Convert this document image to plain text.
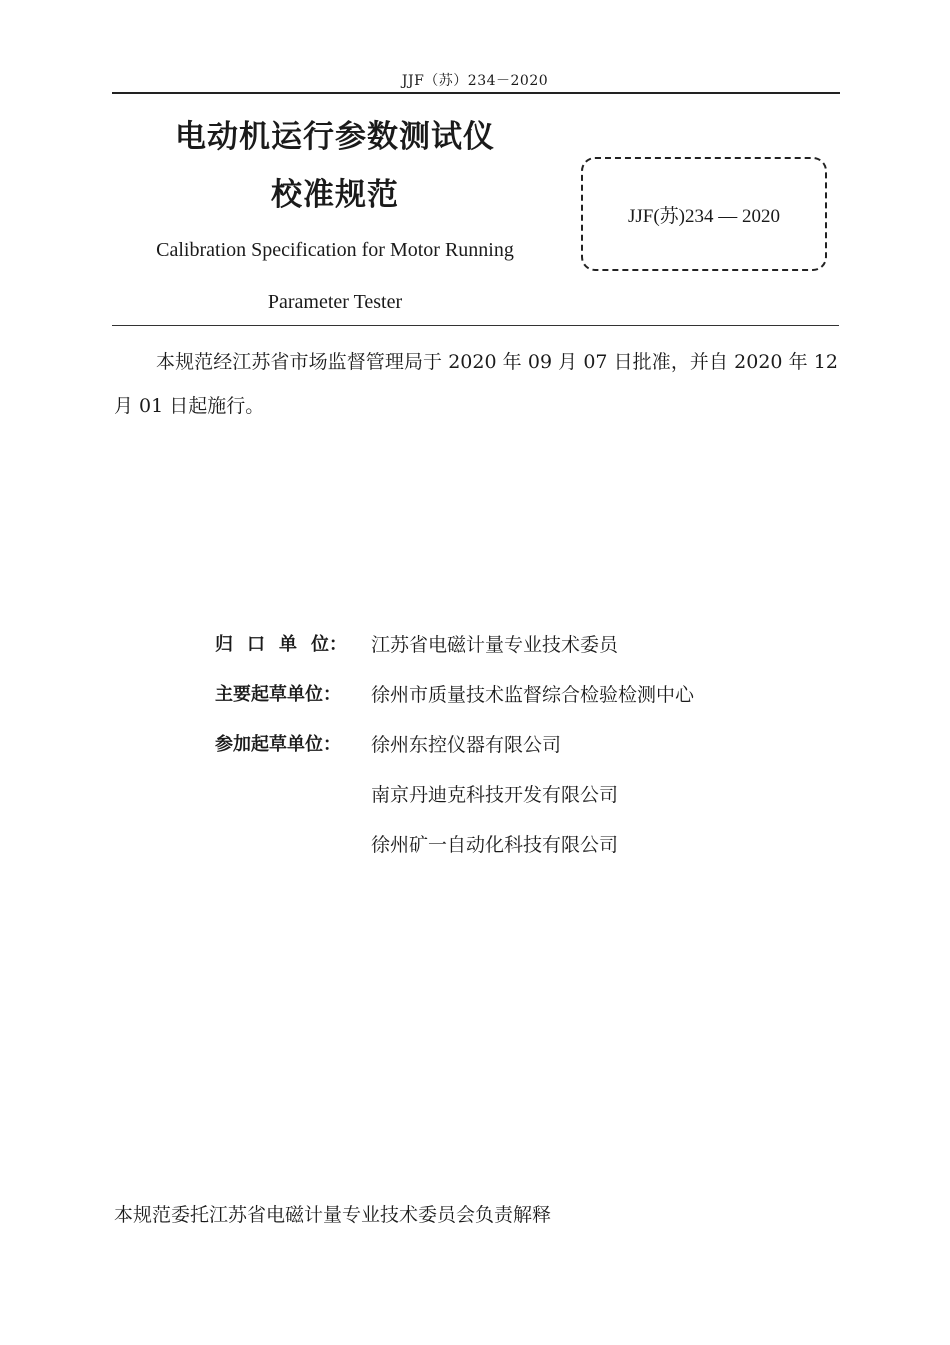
JJF（苏）234－2020
电动机运行参数测试仪
校准规范
Calibration Specification for Motor Running
Parameter Tester
JJF(苏)234 — 2020
本规范经江苏省市场监督管理局于 2020 年 09 月 07 日批准，并自 2020 年 12 月 01 日起施行。
归 口 单 位：	江苏省电磁计量专业技术委员
主要起草单位：	徐州市质量技术监督综合检验检测中心
参加起草单位：	徐州东控仪器有限公司
南京丹迪克科技开发有限公司
徐州矿一自动化科技有限公司
本规范委托江苏省电磁计量专业技术委员会负责解释
